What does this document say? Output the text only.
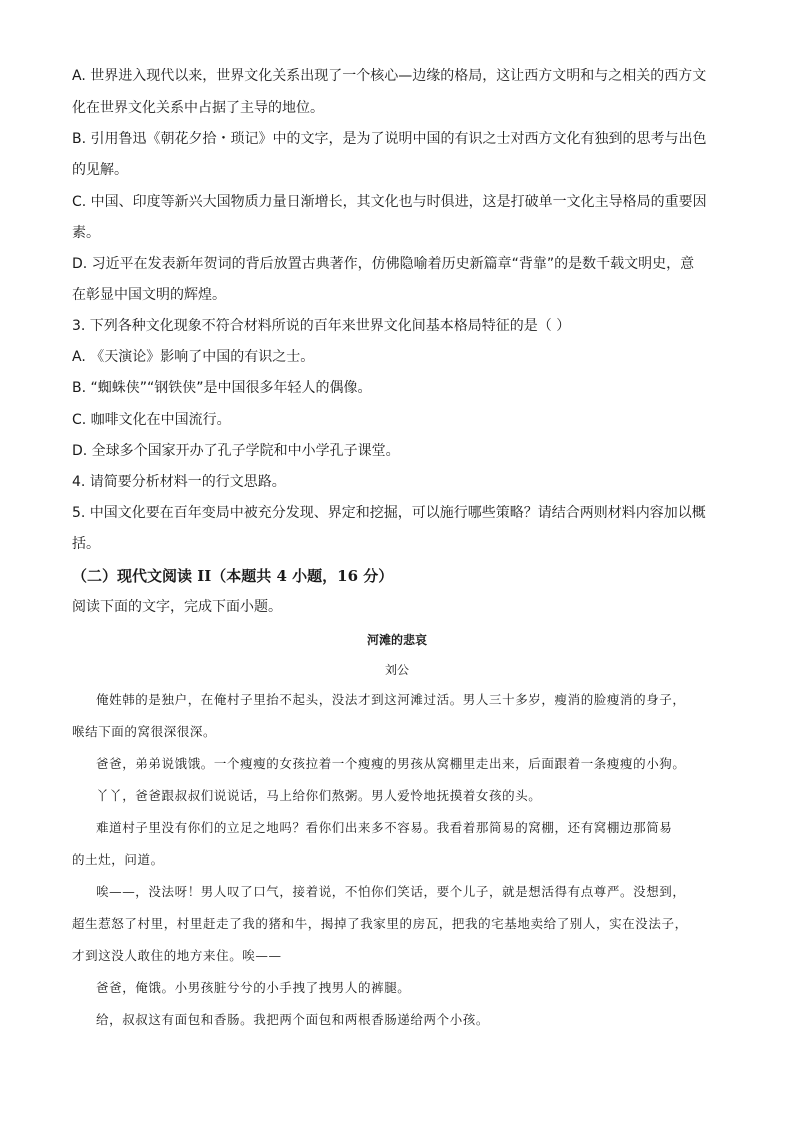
A. 世界进入现代以来，世界文化关系出现了一个核心—边缘的格局，这让西方文明和与之相关的西方文
化在世界文化关系中占据了主导的地位。
B. 引用鲁迅《朝花夕拾・琐记》中的文字，是为了说明中国的有识之士对西方文化有独到的思考与出色
的见解。
C. 中国、印度等新兴大国物质力量日渐增长，其文化也与时俱进，这是打破单一文化主导格局的重要因
素。
D. 习近平在发表新年贺词的背后放置古典著作，仿佛隐喻着历史新篇章“背靠”的是数千载文明史，意
在彰显中国文明的辉煌。
3. 下列各种文化现象不符合材料所说的百年来世界文化间基本格局特征的是（ ）
A. 《天演论》影响了中国的有识之士。
B. “蜘蛛侠”“钢铁侠”是中国很多年轻人的偶像。
C. 咖啡文化在中国流行。
D. 全球多个国家开办了孔子学院和中小学孔子课堂。
4. 请简要分析材料一的行文思路。
5. 中国文化要在百年变局中被充分发现、界定和挖掘，可以施行哪些策略？请结合两则材料内容加以概
括。
（二）现代文阅读 II（本题共 4 小题，16 分）
阅读下面的文字，完成下面小题。
河滩的悲哀
刘公
俺姓韩的是独户，在俺村子里抬不起头，没法才到这河滩过活。男人三十多岁，瘦消的脸瘦消的身子，
喉结下面的窝很深很深。
爸爸，弟弟说饿饿。一个瘦瘦的女孩拉着一个瘦瘦的男孩从窝棚里走出来，后面跟着一条瘦瘦的小狗。
丫丫，爸爸跟叔叔们说说话，马上给你们熬粥。男人爱怜地抚摸着女孩的头。
难道村子里没有你们的立足之地吗？看你们出来多不容易。我看着那简易的窝棚，还有窝棚边那简易
的土灶，问道。
唉——，没法呀！男人叹了口气，接着说，不怕你们笑话，要个儿子，就是想活得有点尊严。没想到，
超生惹怒了村里，村里赶走了我的猪和牛，揭掉了我家里的房瓦，把我的宅基地卖给了别人，实在没法子，
才到这没人敢住的地方来住。唉——
爸爸，俺饿。小男孩脏兮兮的小手拽了拽男人的裤腿。
给，叔叔这有面包和香肠。我把两个面包和两根香肠递给两个小孩。
